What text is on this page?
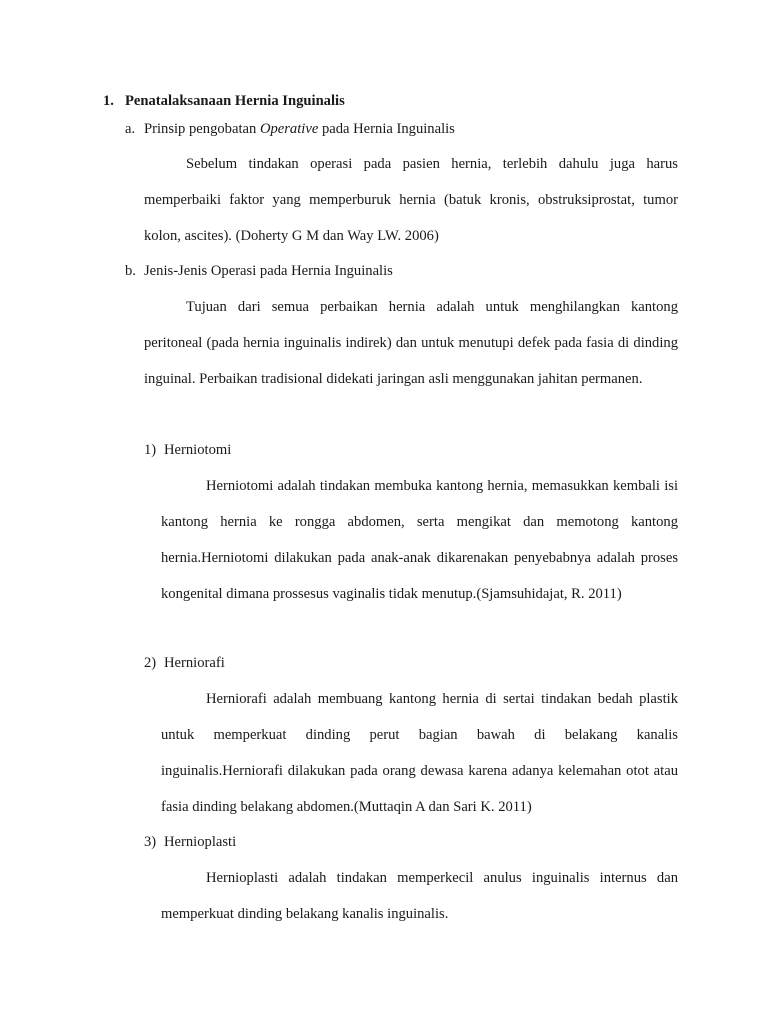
1. Penatalaksanaan Hernia Inguinalis
a. Prinsip pengobatan Operative pada Hernia Inguinalis

Sebelum tindakan operasi pada pasien hernia, terlebih dahulu juga harus memperbaiki faktor yang memperburuk hernia (batuk kronis, obstruksiprostat, tumor kolon, ascites). (Doherty G M dan Way LW. 2006)

b. Jenis-Jenis Operasi pada Hernia Inguinalis

Tujuan dari semua perbaikan hernia adalah untuk menghilangkan kantong peritoneal (pada hernia inguinalis indirek) dan untuk menutupi defek pada fasia di dinding inguinal. Perbaikan tradisional didekati jaringan asli menggunakan jahitan permanen.

1) Herniotomi

Herniotomi adalah tindakan membuka kantong hernia, memasukkan kembali isi kantong hernia ke rongga abdomen, serta mengikat dan memotong kantong hernia.Herniotomi dilakukan pada anak-anak dikarenakan penyebabnya adalah proses kongenital dimana prossesus vaginalis tidak menutup.(Sjamsuhidajat, R. 2011)

2) Herniorafi

Herniorafi adalah membuang kantong hernia di sertai tindakan bedah plastik untuk memperkuat dinding perut bagian bawah di belakang kanalis inguinalis.Herniorafi dilakukan pada orang dewasa karena adanya kelemahan otot atau fasia dinding belakang abdomen.(Muttaqin A dan Sari K. 2011)

3) Hernioplasti

Hernioplasti adalah tindakan memperkecil anulus inguinalis internus dan memperkuat dinding belakang kanalis inguinalis.
